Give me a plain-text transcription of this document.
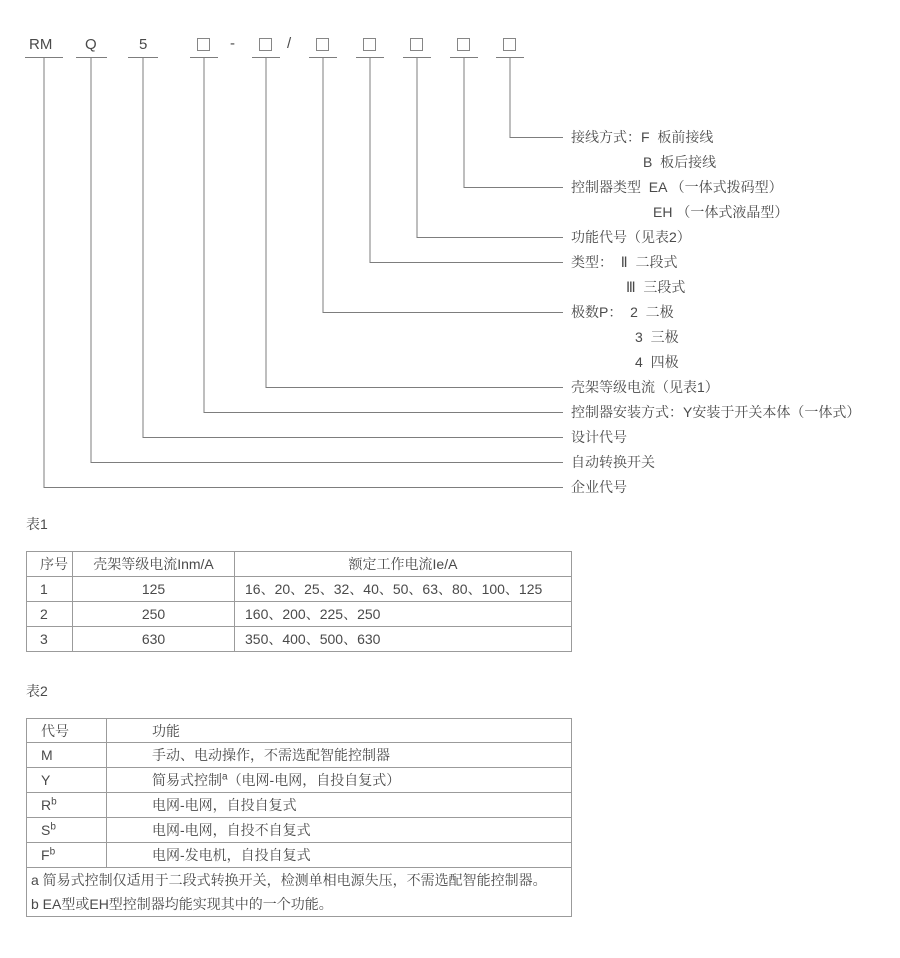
RM Q	5	-	/
接线方式：F  板前接线
B  板后接线
控制器类型  EA （一体式拨码型）
EH （一体式液晶型）
功能代号（见表2）
类型：  Ⅱ  二段式
Ⅲ  三段式
极数P：  2  二极
3  三极
4  四极
壳架等级电流（见表1）
控制器安装方式：Y安装于开关本体（一体式）
设计代号
自动转换开关
企业代号
表1
序号	壳架等级电流Inm/A	额定工作电流Ie/A
1	125	16、20、25、32、40、50、63、80、100、125
2	250	160、200、225、250
3	630	350、400、500、630
表2
代号	功能
M	手动、电动操作，不需选配智能控制器
Y	简易式控制$^a$（电网-电网，自投自复式）
$R^b$	电网-电网，自投自复式
$S^b$	电网-电网，自投不自复式
$F^b$	电网-发电机，自投自复式

a 简易式控制仅适用于二段式转换开关，检测单相电源失压，不需选配智能控制器。
b EA型或EH型控制器均能实现其中的一个功能。	
